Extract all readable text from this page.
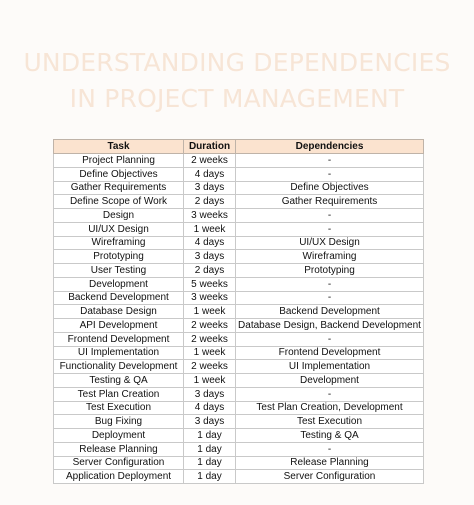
UNDERSTANDING DEPENDENCIES
IN PROJECT MANAGEMENT
Task	Duration	Dependencies
Project Planning	2 weeks	-
Define Objectives	4 days	-
Gather Requirements	3 days	Define Objectives
Define Scope of Work	2 days	Gather Requirements
Design	3 weeks	-
UI/UX Design	1 week	-
Wireframing	4 days	UI/UX Design
Prototyping	3 days	Wireframing
User Testing	2 days	Prototyping
Development	5 weeks	-
Backend Development	3 weeks	-
Database Design	1 week	Backend Development
API Development	2 weeks	Database Design, Backend Development
Frontend Development	2 weeks	-
UI Implementation	1 week	Frontend Development
Functionality Development	2 weeks	UI Implementation
Testing & QA	1 week	Development
Test Plan Creation	3 days	-
Test Execution	4 days	Test Plan Creation, Development
Bug Fixing	3 days	Test Execution
Deployment	1 day	Testing & QA
Release Planning	1 day	-
Server Configuration	1 day	Release Planning
Application Deployment	1 day	Server Configuration
